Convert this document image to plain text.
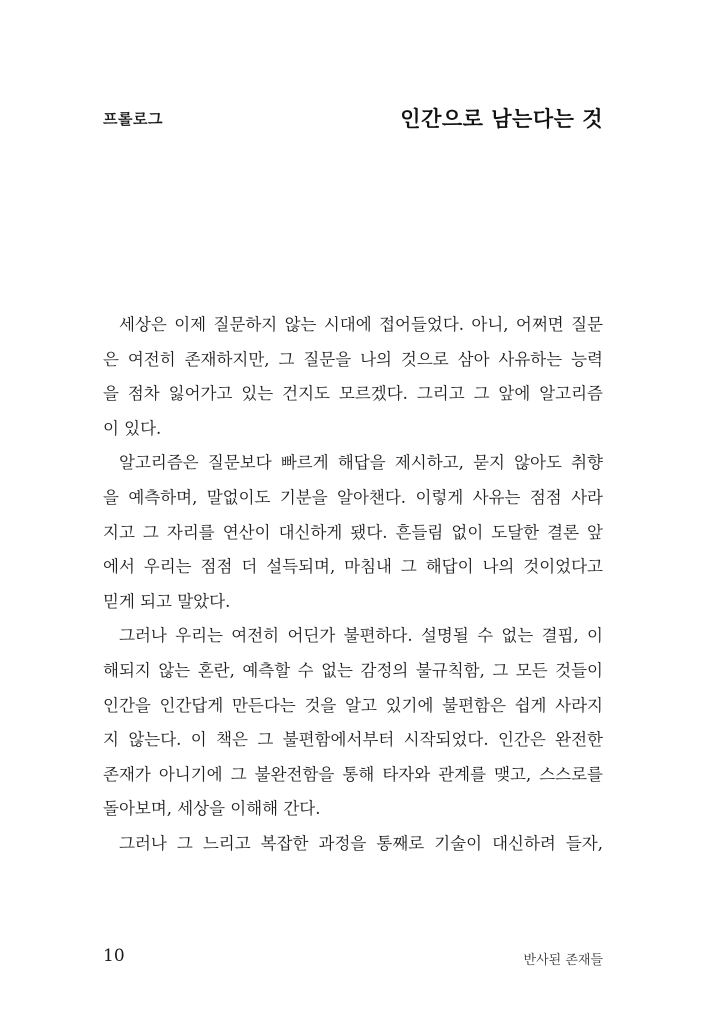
프롤로그	인간으로 남는다는 것
세상은 이제 질문하지 않는 시대에 접어들었다. 아니, 어쩌면 질문
은 여전히 존재하지만, 그 질문을 나의 것으로 삼아 사유하는 능력
을 점차 잃어가고 있는 건지도 모르겠다. 그리고 그 앞에 알고리즘
이 있다.
알고리즘은 질문보다 빠르게 해답을 제시하고, 묻지 않아도 취향
을 예측하며, 말없이도 기분을 알아챈다. 이렇게 사유는 점점 사라
지고 그 자리를 연산이 대신하게 됐다. 흔들림 없이 도달한 결론 앞
에서 우리는 점점 더 설득되며, 마침내 그 해답이 나의 것이었다고
믿게 되고 말았다.
그러나 우리는 여전히 어딘가 불편하다. 설명될 수 없는 결핍, 이
해되지 않는 혼란, 예측할 수 없는 감정의 불규칙함, 그 모든 것들이
인간을 인간답게 만든다는 것을 알고 있기에 불편함은 쉽게 사라지
지 않는다. 이 책은 그 불편함에서부터 시작되었다. 인간은 완전한
존재가 아니기에 그 불완전함을 통해 타자와 관계를 맺고, 스스로를
돌아보며, 세상을 이해해 간다.
그러나 그 느리고 복잡한 과정을 통째로 기술이 대신하려 들자,
10	반사된 존재들
